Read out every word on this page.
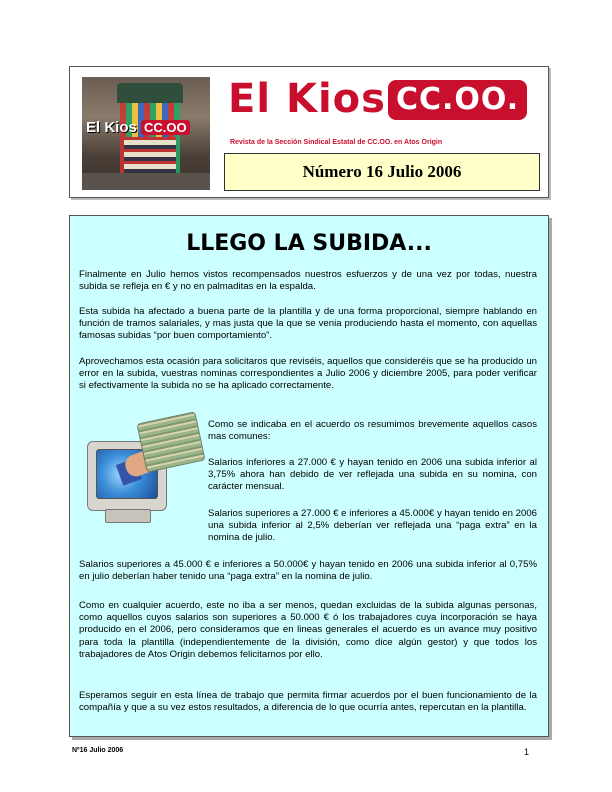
El Kios CC.OO
El Kios CC.OO.
Revista de la Sección Sindical Estatal de CC.OO. en Atos Origin
Número 16 Julio 2006
LLEGO LA SUBIDA...

Finalmente en Julio hemos vistos recompensados nuestros esfuerzos y de una vez por todas, nuestra subida se refleja en € y no en palmaditas en la espalda.

Esta subida ha afectado a buena parte de la plantilla y de una forma proporcional, siempre hablando en función de tramos salariales, y mas justa que la que se venia produciendo hasta el momento, con aquellas famosas subidas “por buen comportamiento”.

Aprovechamos esta ocasión para solicitaros que reviséis, aquellos que consideréis que se ha producido un error en la subida, vuestras nominas correspondientes a Julio 2006 y diciembre 2005, para poder verificar si efectivamente la subida no se ha aplicado correctamente.

Como se indicaba en el acuerdo os resumimos brevemente aquellos casos mas comunes:

Salarios inferiores a 27.000 € y hayan tenido en 2006 una subida inferior al 3,75% ahora han debido de ver reflejada una subida en su nomina, con carácter mensual.

Salarios superiores a 27.000 € e inferiores a 45.000€ y hayan tenido en 2006 una subida inferior al 2,5% deberían ver reflejada una “paga extra” en la nomina de julio.

Salarios superiores a 45.000 € e inferiores a 50.000€ y hayan tenido en 2006 una subida inferior al 0,75% en julio deberían haber tenido una “paga extra” en la nomina de julio.

Como en cualquier acuerdo, este no iba a ser menos, quedan excluidas de la subida algunas personas, como aquellos cuyos salarios son superiores a 50.000 € ó los trabajadores cuya incorporación se haya producido en el 2006, pero consideramos que en lineas generales el acuerdo es un avance muy positivo para toda la plantilla (independientemente de la división, como dice algún gestor) y que todos los trabajadores de Atos Origin debemos felicitarnos por ello.

Esperamos seguir en esta línea de trabajo que permita firmar acuerdos por el buen funcionamiento de la compañía y que a su vez estos resultados, a diferencia de lo que ocurría antes, repercutan en la plantilla.

Nº16 Julio 2006	1
